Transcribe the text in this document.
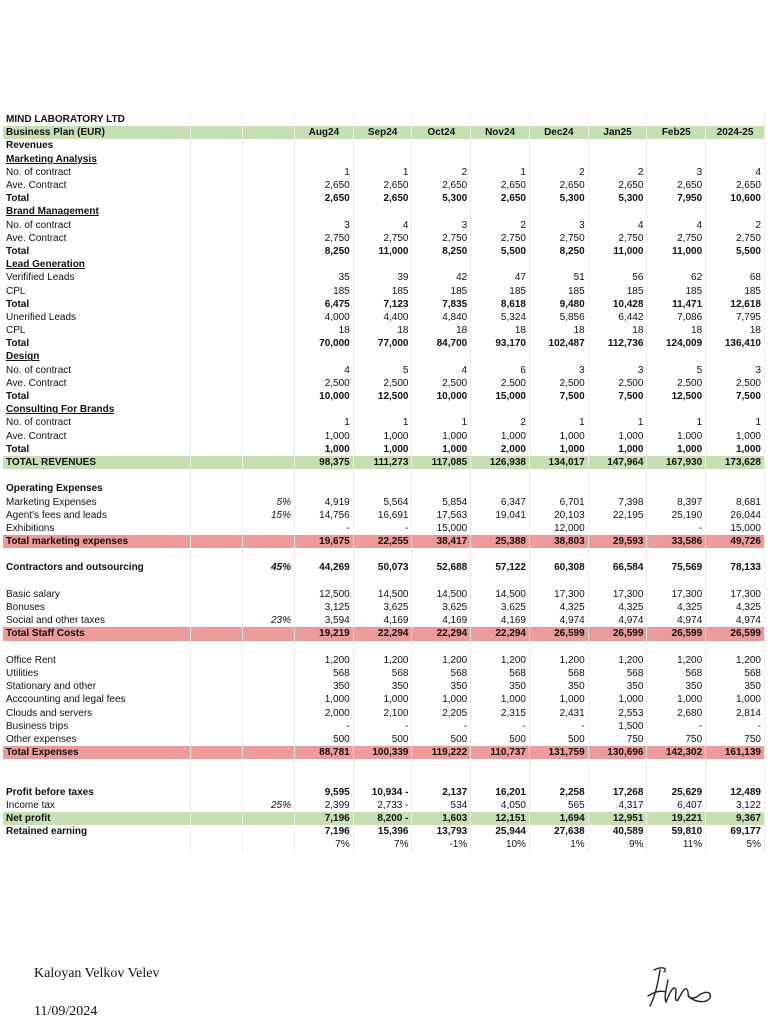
MIND LABORATORY LTD										
Business Plan (EUR)			Aug24	Sep24	Oct24	Nov24	Dec24	Jan25	Feb25	2024-25
Revenues										
Marketing Analysis										
No. of contract			1	1	2	1	2	2	3	4
Ave. Contract			2,650	2,650	2,650	2,650	2,650	2,650	2,650	2,650
Total			2,650	2,650	5,300	2,650	5,300	5,300	7,950	10,600
Brand Management										
No. of contract			3	4	3	2	3	4	4	2
Ave. Contract			2,750	2,750	2,750	2,750	2,750	2,750	2,750	2,750
Total			8,250	11,000	8,250	5,500	8,250	11,000	11,000	5,500
Lead Generation										
Verifified Leads			35	39	42	47	51	56	62	68
CPL			185	185	185	185	185	185	185	185
Total			6,475	7,123	7,835	8,618	9,480	10,428	11,471	12,618
Unerified Leads			4,000	4,400	4,840	5,324	5,856	6,442	7,086	7,795
CPL			18	18	18	18	18	18	18	18
Total			70,000	77,000	84,700	93,170	102,487	112,736	124,009	136,410
Design										
No. of contract			4	5	4	6	3	3	5	3
Ave. Contract			2,500	2,500	2,500	2,500	2,500	2,500	2,500	2,500
Total			10,000	12,500	10,000	15,000	7,500	7,500	12,500	7,500
Consulting For Brands										
No. of contract			1	1	1	2	1	1	1	1
Ave. Contract			1,000	1,000	1,000	1,000	1,000	1,000	1,000	1,000
Total			1,000	1,000	1,000	2,000	1,000	1,000	1,000	1,000
TOTAL REVENUES			98,375	111,273	117,085	126,938	134,017	147,964	167,930	173,628

Operating Expenses										
Marketing Expenses		5%	4,919	5,564	5,854	6,347	6,701	7,398	8,397	8,681
Agent's fees and leads		15%	14,756	16,691	17,563	19,041	20,103	22,195	25,190	26,044
Exhibitions			-	-	15,000		12,000		-	15,000
Total marketing expenses			19,675	22,255	38,417	25,388	38,803	29,593	33,586	49,726

Contractors and outsourcing		45%	44,269	50,073	52,688	57,122	60,308	66,584	75,569	78,133

Basic salary			12,500	14,500	14,500	14,500	17,300	17,300	17,300	17,300
Bonuses			3,125	3,625	3,625	3,625	4,325	4,325	4,325	4,325
Social and other taxes		23%	3,594	4,169	4,169	4,169	4,974	4,974	4,974	4,974
Total Staff Costs			19,219	22,294	22,294	22,294	26,599	26,599	26,599	26,599

Office Rent			1,200	1,200	1,200	1,200	1,200	1,200	1,200	1,200
Utilities			568	568	568	568	568	568	568	568
Stationary and other			350	350	350	350	350	350	350	350
Acccounting and legal fees			1,000	1,000	1,000	1,000	1,000	1,000	1,000	1,000
Clouds and servers			2,000	2,100	2,205	2,315	2,431	2,553	2,680	2,814
Business trips			-	-	-	-	-	1,500	-	-
Other expenses			500	500	500	500	500	750	750	750
Total Expenses			88,781	100,339	119,222	110,737	131,759	130,696	142,302	161,139

Profit before taxes			9,595	10,934 -	2,137	16,201	2,258	17,268	25,629	12,489
Income tax		25%	2,399	2,733 -	534	4,050	565	4,317	6,407	3,122
Net profit			7,196	8,200 -	1,603	12,151	1,694	12,951	19,221	9,367
Retained earning			7,196	15,396	13,793	25,944	27,638	40,589	59,810	69,177
			7%	7%	-1%	10%	1%	9%	11%	5%
Kaloyan Velkov Velev
11/09/2024
